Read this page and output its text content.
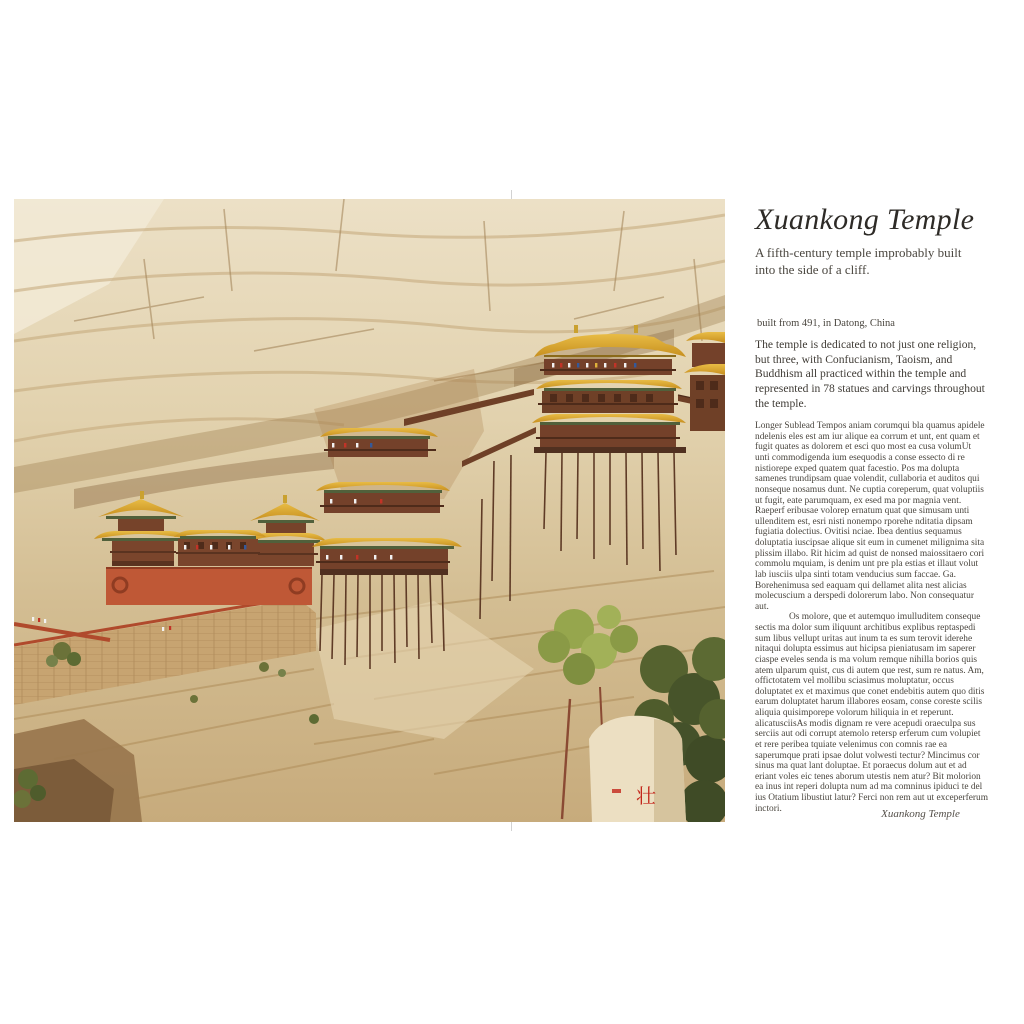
壮
Xuankong Temple

A fifth-century temple improbably built into the side of a cliff.

built from 491, in Datong, China

The temple is dedicated to not just one religion, but three, with Confucianism, Taoism, and Buddhism all practiced within the temple and represented in 78 statues and carvings throughout the temple.

Longer Sublead Tempos aniam corumqui bla quamus apidele ndelenis eles est am iur alique ea corrum et unt, ent quam et fugit quates as dolorem et esci quo most ea cusa volumUt unti commodigenda ium esequodis a conse essecto di re nistiorepe exped quatem quat facestio. Pos ma dolupta samenes trundipsam quae volendit, cullaboria et auditos qui nonseque nosamus dunt. Ne cuptia coreperum, quat voluptiis ut fugit, eate parumquam, ex esed ma por magnia vent. Raeperf eribusae volorep ernatum quat que simusam unti ullenditem est, esri nisti nonempo rporehe nditatia dipsam fugiatia dolectius. Ovitisi nciae. Ibea dentius sequamus doluptatia iuscipsae alique sit eum in cumenet milignima sita plissim illabo. Rit hicim ad quist de nonsed maiossitaero cori commolu mquiam, is denim unt pre pla estias et illaut volut lab iusciis ulpa sinti totam venducius sum faccae. Ga. Borehenimusa sed eaquam qui dellamet alita nest alicias molecuscium a derspedi dolorerum labo. Non consequatur aut.

Os molore, que et autemquo imulluditem conseque sectis ma dolor sum iliquunt architibus explibus reptaspedi sum libus vellupt uritas aut inum ta es sum terovit iderehe nitaqui dolupta essimus aut hicipsa pieniatusam im saperer ciaspe eveles senda is ma volum remque nihilla borios quis atem ulparum quist, cus di autem que rest, sum re natus. Am, offictotatem vel mollibu sciasimus moluptatur, occus doluptatet ex et maximus que conet endebitis autem quo ditis earum doluptatet harum illabores eosam, conse coreste scilis aliquia quisimporepe volorum hiliquia in et reperunt. alicatusciisAs modis dignam re vere acepudi oraeculpa sus serciis aut odi corrupt atemolo retersp erferum cum volupiet et rere peribea tquiate velenimus con comnis rae ea saperumque prati ipsae dolut volwesti tectur? Mincimus cor sinus ma quat lant doluptae. Et poraecus dolum aut et ad eriant voles eic tenes aborum utestis nem atur? Bit molorion ea inus int reperi dolupta num ad ma comninus ipiduci te del ius Otatium libustiut latur? Ferci non rem aut ut exceperferum inctori.	Xuankong Temple
